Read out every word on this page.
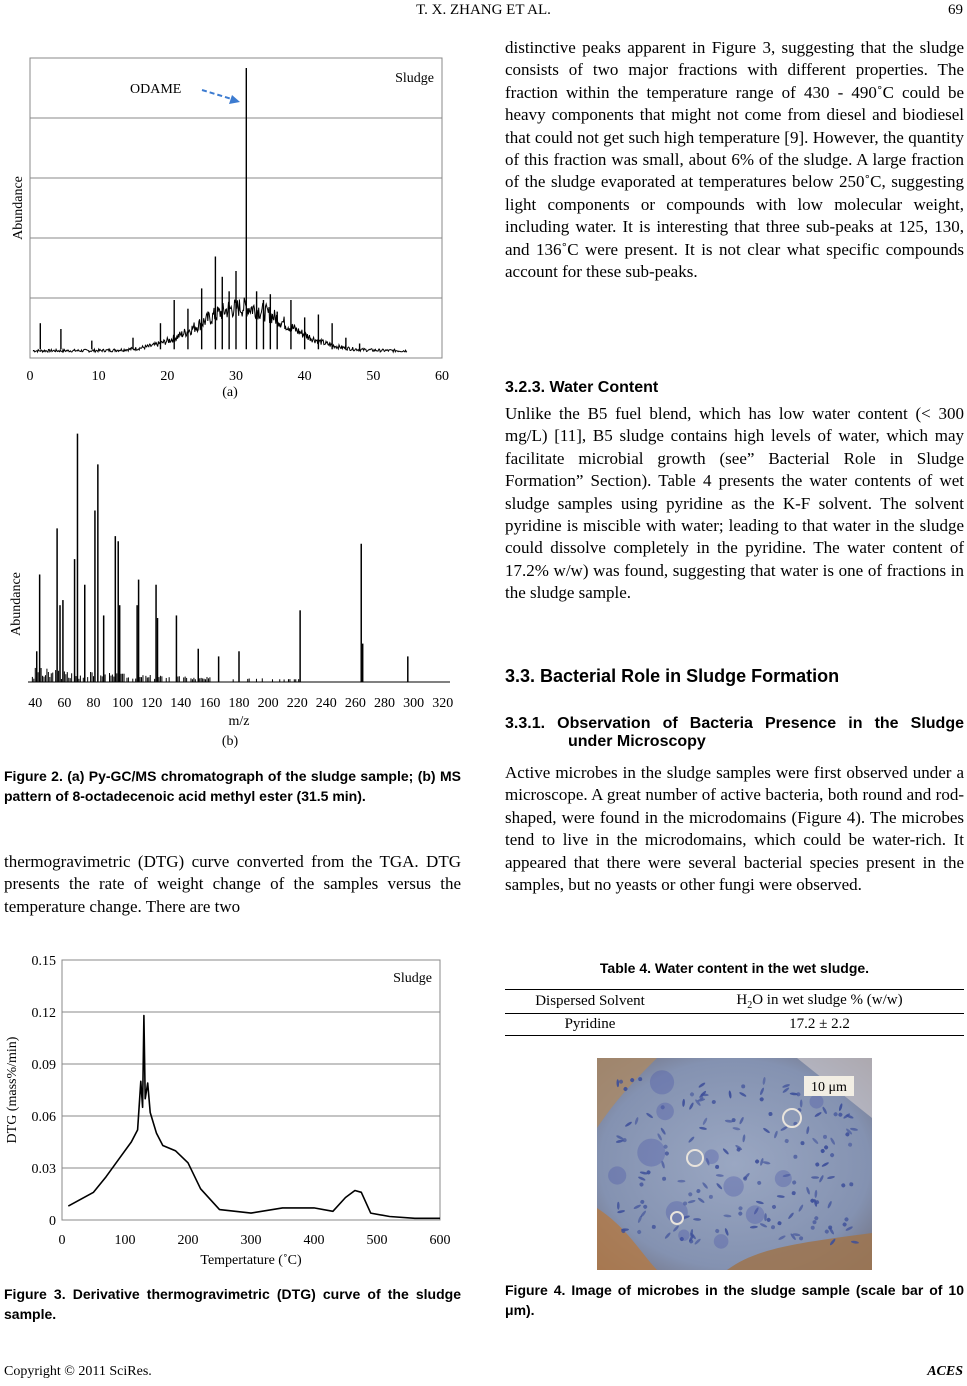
T. X. ZHANG ET AL.	69
0	10	20	30	40	50	60
Abundance
Sludge
ODAME
(a)
40 60 80 100 120 140 160 180 200 220 240 260 280 300 320
m/z
Abundance
(b)
Figure 2. (a) Py-GC/MS chromatograph of the sludge sample; (b) MS pattern of 8-octadecenoic acid methyl ester (31.5 min).

thermogravimetric (DTG) curve converted from the TGA. DTG presents the rate of weight change of the samples versus the temperature change. There are two

0.15
0.12
0.09
0.06
0.03
0
0	100	200	300	400	500	600
Tempertature (˚C)
DTG (mass%/min)
Sludge
Figure 3. Derivative thermogravimetric (DTG) curve of the sludge sample.

distinctive peaks apparent in Figure 3, suggesting that the sludge consists of two major fractions with different properties. The fraction within the temperature range of 430 - 490˚C could be heavy components that might not come from diesel and biodiesel that could not get such high temperature [9]. However, the quantity of this fraction was small, about 6% of the sludge. A large fraction of the sludge evaporated at temperatures below 250˚C, suggesting light components or compounds with low molecular weight, including water. It is interesting that three sub-peaks at 125, 130, and 136˚C were present. It is not clear what specific compounds account for these sub-peaks.

3.2.3. Water Content

Unlike the B5 fuel blend, which has low water content (< 300 mg/L) [11], B5 sludge contains high levels of water, which may facilitate microbial growth (see” Bacterial Role in Sludge Formation” Section). Table 4 presents the water contents of wet sludge samples using pyridine as the K-F solvent. The solvent pyridine is miscible with water; leading to that water in the sludge could dissolve completely in the pyridine. The water content of 17.2% w/w) was found, suggesting that water is one of fractions in the sludge sample.

3.3. Bacterial Role in Sludge Formation
3.3.1. Observation of Bacteria Presence in the Sludge
under Microscopy

Active microbes in the sludge samples were first observed under a microscope. A great number of active bacteria, both round and rod-shaped, were found in the microdomains (Figure 4). The microbes tend to live in the microdomains, which could be water-rich. It appeared that there were several bacterial species present in the samples, but no yeasts or other fungi were observed.

Table 4. Water content in the wet sludge.
Dispersed Solvent	$H_2O$ in wet sludge % (w/w)
Pyridine	17.2 ± 2.2
10 μm
Figure 4. Image of microbes in the sludge sample (scale bar of 10 μm).
Copyright © 2011 SciRes.	ACES
